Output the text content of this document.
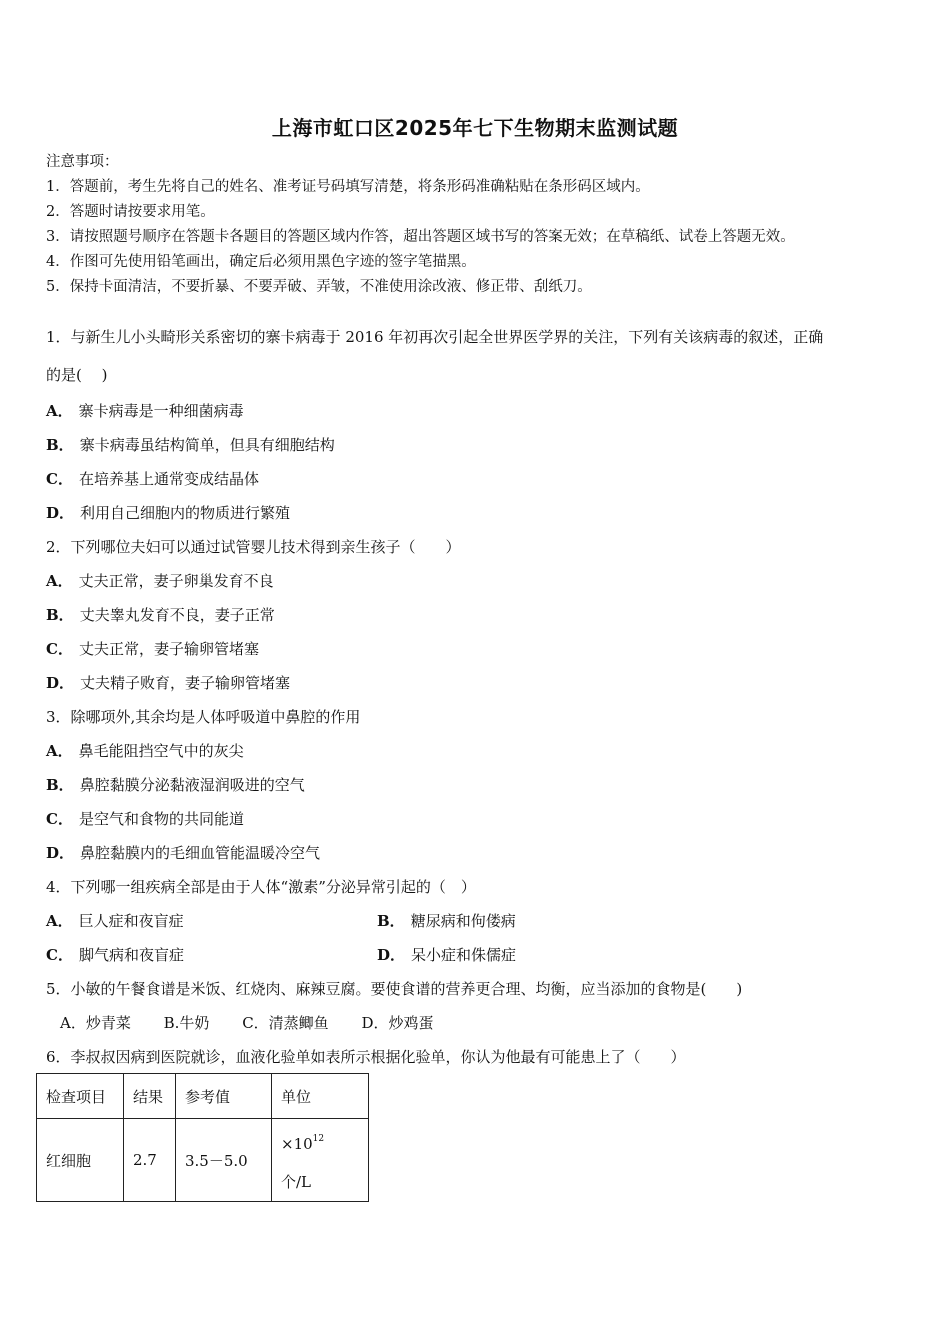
上海市虹口区2025年七下生物期末监测试题
注意事项：
1．答题前，考生先将自己的姓名、准考证号码填写清楚，将条形码准确粘贴在条形码区域内。
2．答题时请按要求用笔。
3．请按照题号顺序在答题卡各题目的答题区域内作答，超出答题区域书写的答案无效；在草稿纸、试卷上答题无效。
4．作图可先使用铅笔画出，确定后必须用黑色字迹的签字笔描黑。
5．保持卡面清洁，不要折暴、不要弄破、弄皱，不准使用涂改液、修正带、刮纸刀。
1．与新生儿小头畸形关系密切的寨卡病毒于 2016 年初再次引起全世界医学界的关注，下列有关该病毒的叙述，正确
的是(　 )
A． 寨卡病毒是一种细菌病毒
B． 寨卡病毒虽结构简单，但具有细胞结构
C． 在培养基上通常变成结晶体
D． 利用自己细胞内的物质进行繁殖
2．下列哪位夫妇可以通过试管婴儿技术得到亲生孩子（　　）
A． 丈夫正常，妻子卵巢发育不良
B． 丈夫睾丸发育不良，妻子正常
C． 丈夫正常，妻子输卵管堵塞
D． 丈夫精子败育，妻子输卵管堵塞
3．除哪项外,其余均是人体呼吸道中鼻腔的作用
A． 鼻毛能阻挡空气中的灰尖
B． 鼻腔黏膜分泌黏液湿润吸进的空气
C． 是空气和食物的共同能道
D． 鼻腔黏膜内的毛细血管能温暖冷空气
4．下列哪一组疾病全部是由于人体“激素”分泌异常引起的（　）
A． 巨人症和夜盲症	B． 糖尿病和佝偻病
C． 脚气病和夜盲症	D． 呆小症和侏儒症
5．小敏的午餐食谱是米饭、红烧肉、麻辣豆腐。要使食谱的营养更合理、均衡，应当添加的食物是(　　)
A．炒青菜 B.牛奶 C．清蒸鲫鱼 D．炒鸡蛋
6．李叔叔因病到医院就诊，血液化验单如表所示根据化验单，你认为他最有可能患上了（　　）
检查项目	结果	参考值	单位
红细胞	2.7	3.5－5.0	$\times 10^{12}$
个/L
